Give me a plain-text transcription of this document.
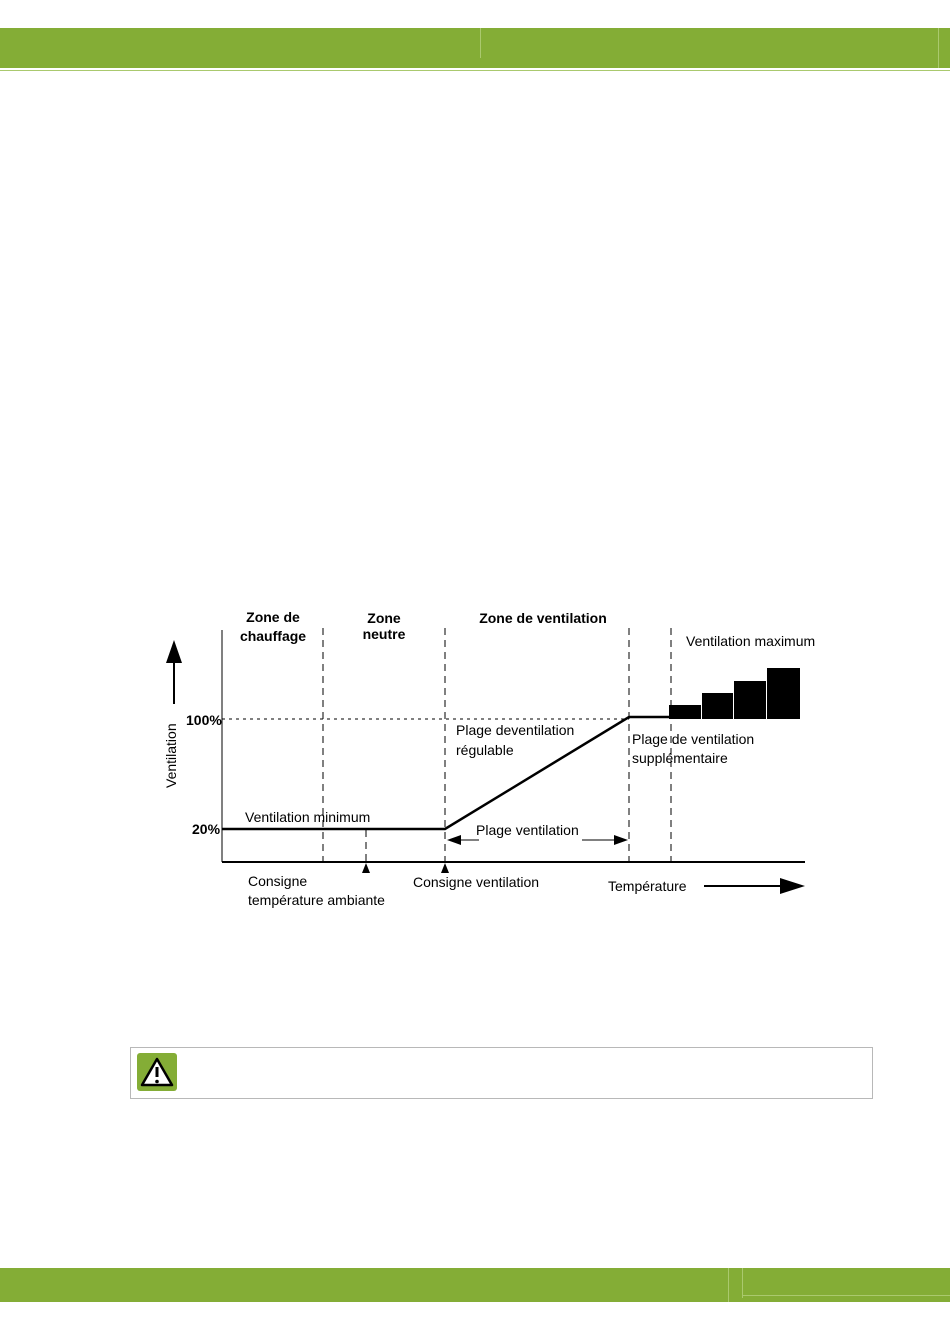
Ventilation
100%
20%
Zone de
chauffage
Zone
neutre
Zone de ventilation
Ventilation maximum
Plage deventilation
régulable
Plage de ventilation
supplémentaire
Ventilation minimum
Plage ventilation
Consigne
température ambiante
Consigne ventilation	Température
